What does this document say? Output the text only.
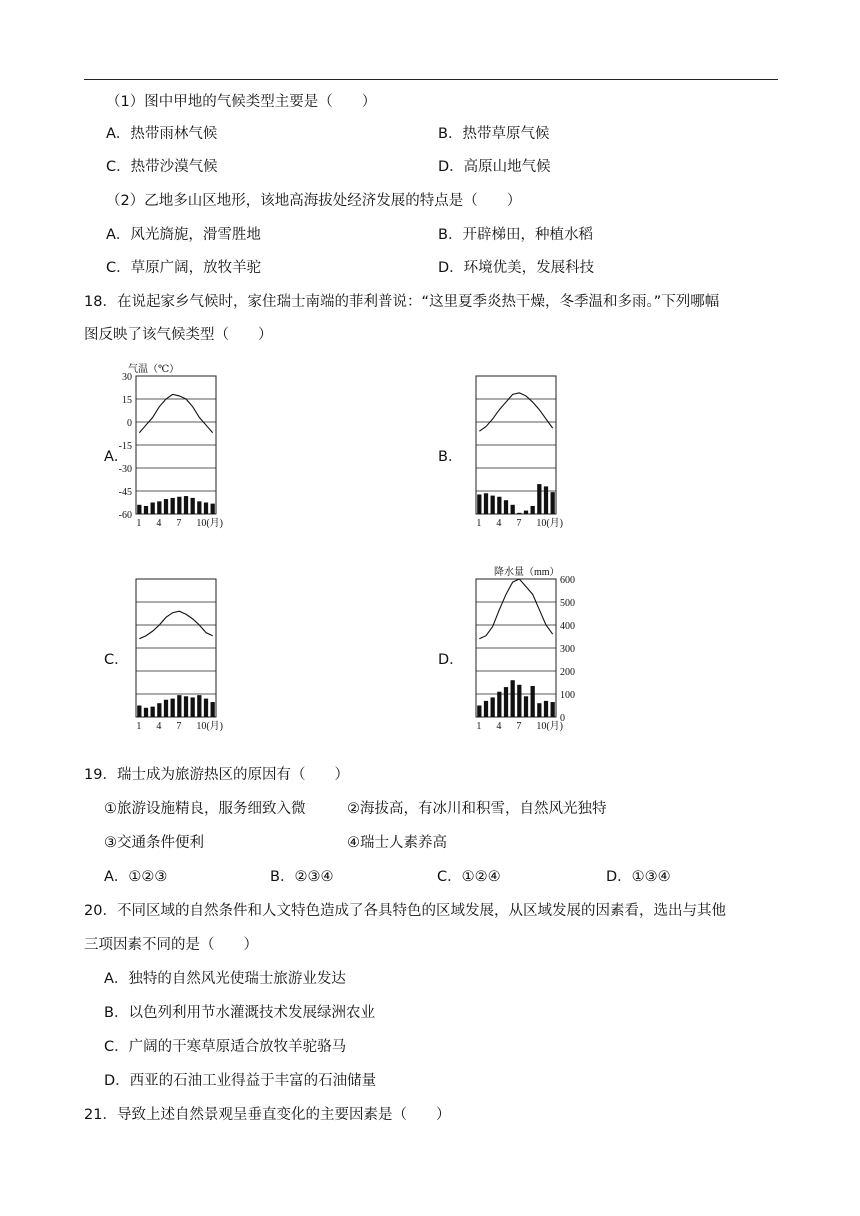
（1）图中甲地的气候类型主要是（　　）
A．热带雨林气候	B．热带草原气候
C．热带沙漠气候	D．高原山地气候
（2）乙地多山区地形，该地高海拔处经济发展的特点是（　　）
A．风光旖旎，滑雪胜地	B．开辟梯田，种植水稻
C．草原广阔，放牧羊驼	D．环境优美，发展科技
18．在说起家乡气候时，家住瑞士南端的菲利普说：“这里夏季炎热干燥，冬季温和多雨。”下列哪幅
图反映了该气候类型（　　）
A．	B．
C．	D．
1 4 7 10(月)
30
15
0
-15
-30
-45
-60
气温（℃）
1 4 7 10(月)
1 4 7 10(月)	1 4 7 10(月)
600
500
400
300
200
100
0
降水量（mm）
19．瑞士成为旅游热区的原因有（　　）
①旅游设施精良，服务细致入微	②海拔高，有冰川和积雪，自然风光独特
③交通条件便利	④瑞士人素养高
A．①②③	B．②③④	C．①②④	D．①③④
20．不同区域的自然条件和人文特色造成了各具特色的区域发展，从区域发展的因素看，选出与其他
三项因素不同的是（　　）
A．独特的自然风光使瑞士旅游业发达
B．以色列利用节水灌溉技术发展绿洲农业
C．广阔的干寒草原适合放牧羊驼骆马
D．西亚的石油工业得益于丰富的石油储量
21．导致上述自然景观呈垂直变化的主要因素是（　　）
